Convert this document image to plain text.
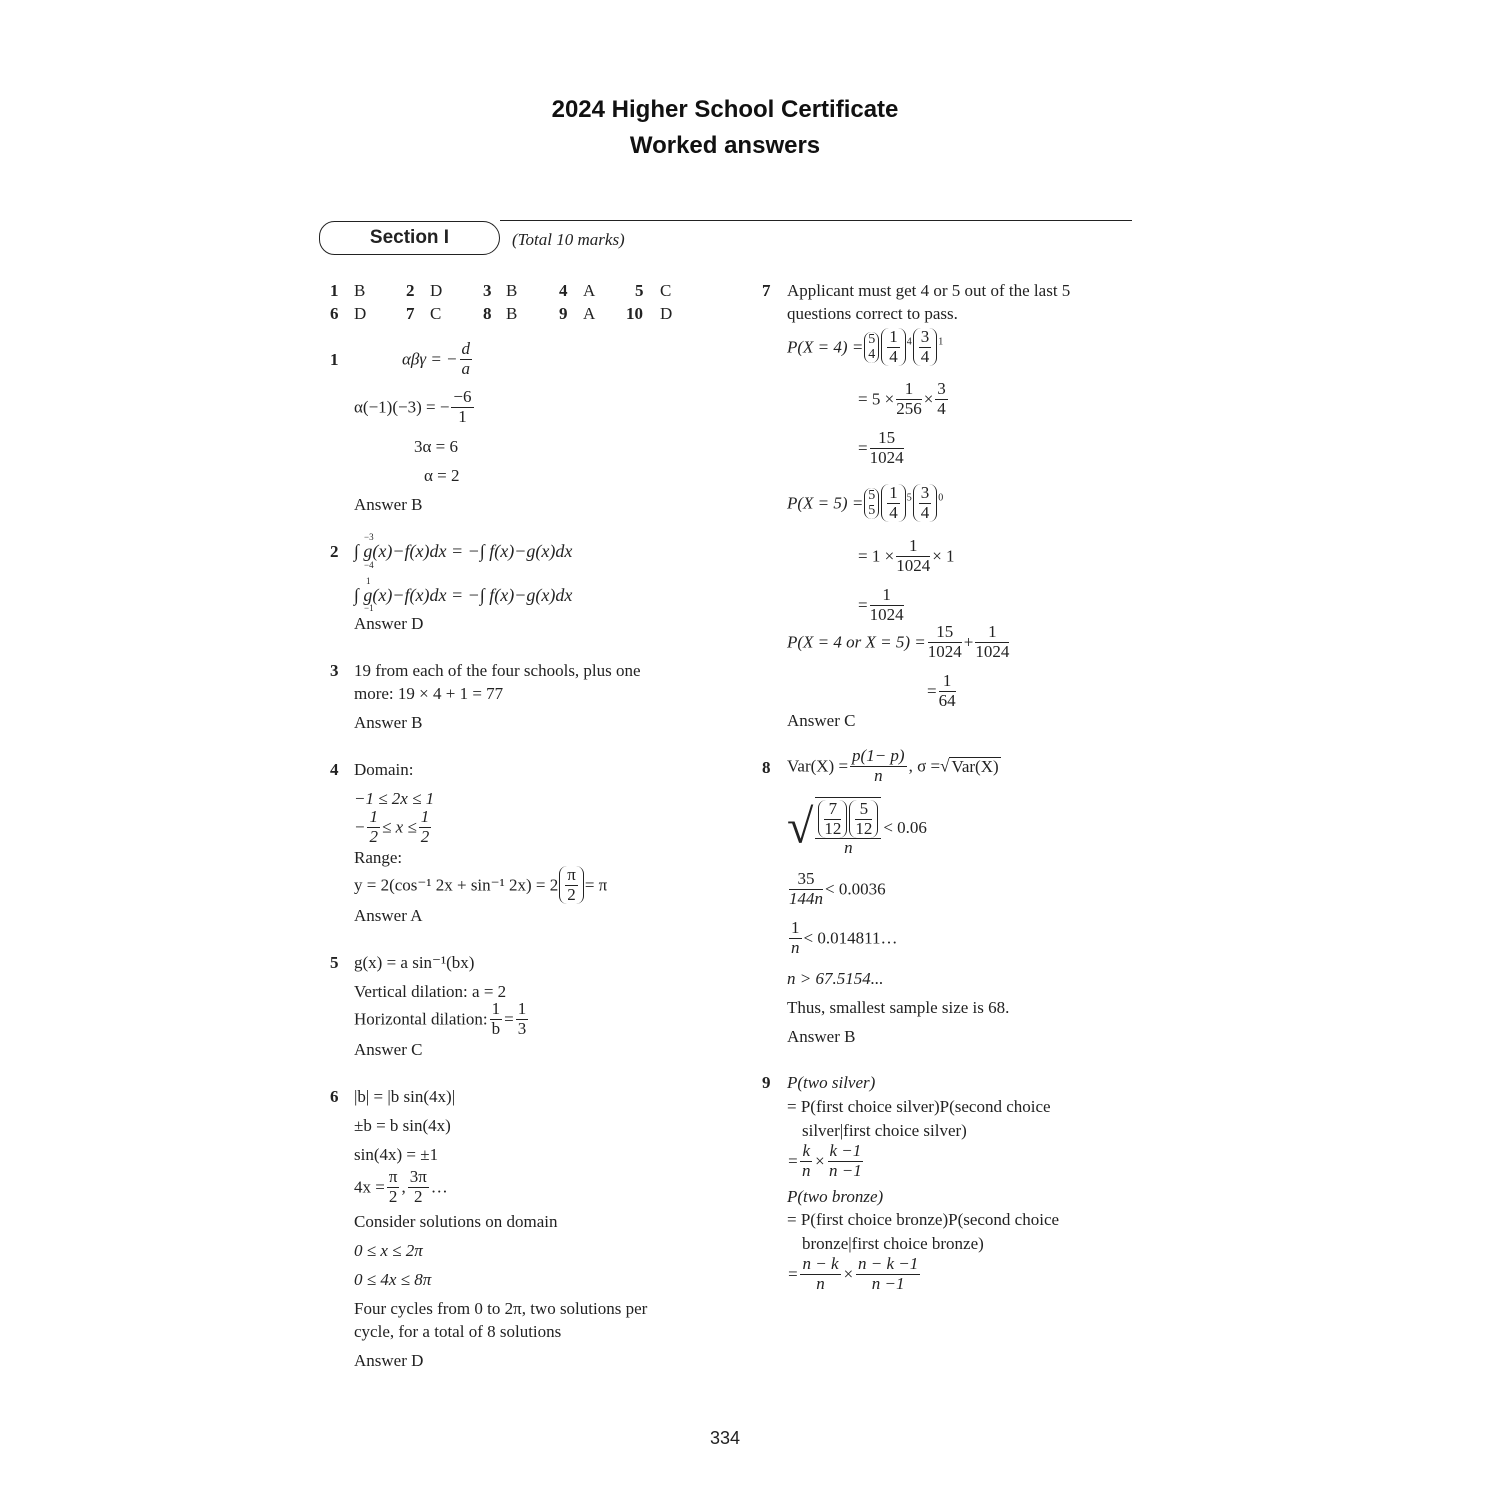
2024 Higher School Certificate
Worked answers
Section I	(Total 10 marks)
1 B 2 D 3 B 4 A 5 C
6 D 7 C 8 B 9 A 10 D
1	αβγ = − $\frac{d}{a}$
α(−1)(−3) = − $\frac{-6}{1}$
3α = 6
α = 2
Answer B
2 ∫ g(x)−f(x)dx = −∫ f(x)−g(x)dx
−3
−4
∫ g(x)−f(x)dx = −∫ f(x)−g(x)dx
1
−1
Answer D
3 19 from each of the four schools, plus one
more: 19 × 4 + 1 = 77
Answer B
4 Domain:
−1 ≤ 2x ≤ 1
− $\frac{1}{2} \le x \le \frac{1}{2}$
Range:
y = 2(cos⁻¹ 2x + sin⁻¹ $2x) = 2 \frac{\pi}{2} = \pi$
Answer A
5 g(x) = a sin⁻¹(bx)
Vertical dilation: a = 2
Horizontal dilation: $\frac{1}{b} = \frac{1}{3}$
Answer C
6 |b| = |b sin(4x)|
±b = b sin(4x)
sin(4x) = ±1
$4x = \frac{\pi}{2}$ , $\frac{3\pi}{2}$ …
Consider solutions on domain
0 ≤ x ≤ 2π
0 ≤ 4x ≤ 8π
Four cycles from 0 to 2π, two solutions per
cycle, for a total of 8 solutions
Answer D
7 Applicant must get 4 or 5 out of the last 5
questions correct to pass.
P(X = 4) = 5
$4 \frac{1}{4} ^4 \frac{3}{4} ^1$
= $5 \times \frac{1}{256} \times \frac{3}{4}$
= $\frac{15}{1024}$
P(X = 5) = 5
$5 \frac{1}{4} ^5 \frac{3}{4} ^0$
= $1 \times \frac{1}{1024} \times 1$
= $\frac{1}{1024}$
P(X = 4 or $X = 5) = \frac{15}{1024} + \frac{1}{1024}$
= $\frac{1}{64}$
Answer C
8 $Var(X) = \frac{p(1- p)}{n}$ , σ =√ Var(X)
√ $\frac{\frac{7}{12} \frac{5}{12}}{n} < 0.06$
$\frac{35}{144n} < 0.0036$
$\frac{1}{n}$ < 0.014811…
n > 67.5154...
Thus, smallest sample size is 68.
Answer B
9 P(two silver)
= P(first choice silver)P(second choice
silver|first choice silver)
= $\frac{k}{n} \times \frac{k -1}{n -1}$
P(two bronze)
= P(first choice bronze)P(second choice
bronze|first choice bronze)
= $\frac{n - k}{n} \times \frac{n - k -1}{n -1}$
334
